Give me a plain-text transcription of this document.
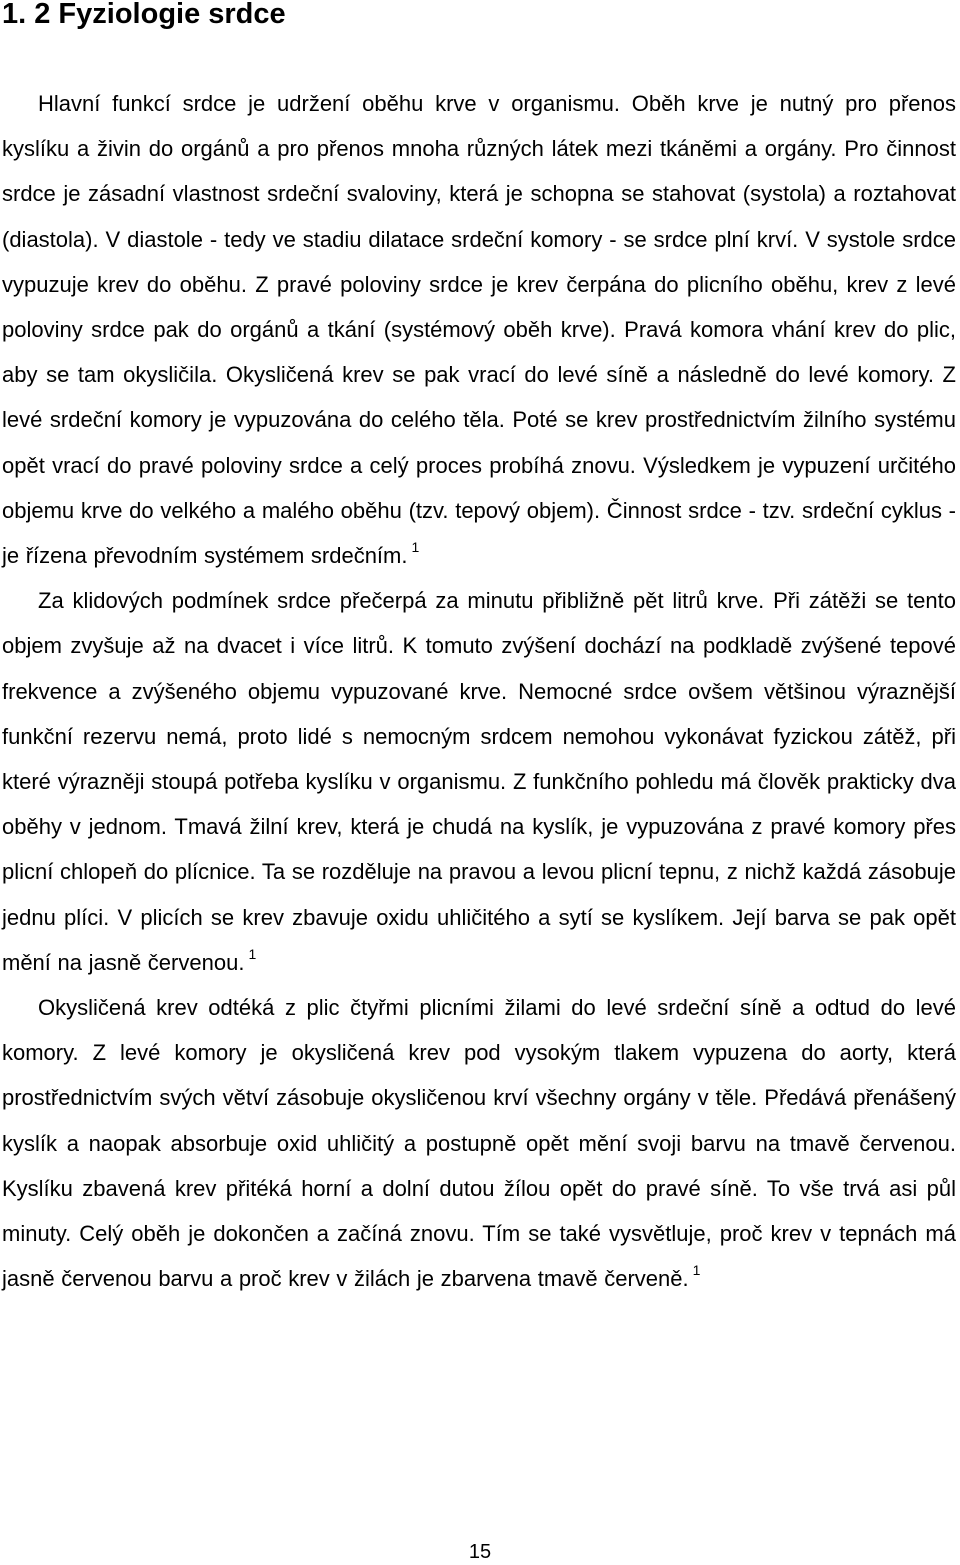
1. 2 Fyziologie srdce

Hlavní funkcí srdce je udržení oběhu krve v organismu. Oběh krve je nutný pro přenos kyslíku a živin do orgánů a pro přenos mnoha různých látek mezi tkáněmi a orgány. Pro činnost srdce je zásadní vlastnost srdeční svaloviny, která je schopna se stahovat (systola) a roztahovat (diastola). V diastole - tedy ve stadiu dilatace srdeční komory - se srdce plní krví. V systole srdce vypuzuje krev do oběhu. Z pravé poloviny srdce je krev čerpána do plicního oběhu, krev z levé poloviny srdce pak do orgánů a tkání (systémový oběh krve). Pravá komora vhání krev do plic, aby se tam okysličila. Okysličená krev se pak vrací do levé síně a následně do levé komory. Z levé srdeční komory je vypuzována do celého těla. Poté se krev prostřednictvím žilního systému opět vrací do pravé poloviny srdce a celý proces probíhá znovu. Výsledkem je vypuzení určitého objemu krve do velkého a malého oběhu (tzv. tepový objem). Činnost srdce - tzv. srdeční cyklus - je řízena převodním systémem srdečním. $^1$

Za klidových podmínek srdce přečerpá za minutu přibližně pět litrů krve. Při zátěži se tento objem zvyšuje až na dvacet i více litrů. K tomuto zvýšení dochází na podkladě zvýšené tepové frekvence a zvýšeného objemu vypuzované krve. Nemocné srdce ovšem většinou výraznější funkční rezervu nemá, proto lidé s nemocným srdcem nemohou vykonávat fyzickou zátěž, při které výrazněji stoupá potřeba kyslíku v organismu. Z funkčního pohledu má člověk prakticky dva oběhy v jednom. Tmavá žilní krev, která je chudá na kyslík, je vypuzována z pravé komory přes plicní chlopeň do plícnice. Ta se rozděluje na pravou a levou plicní tepnu, z nichž každá zásobuje jednu plíci. V plicích se krev zbavuje oxidu uhličitého a sytí se kyslíkem. Její barva se pak opět mění na jasně červenou. $^1$

Okysličená krev odtéká z plic čtyřmi plicními žilami do levé srdeční síně a odtud do levé komory. Z levé komory je okysličená krev pod vysokým tlakem vypuzena do aorty, která prostřednictvím svých větví zásobuje okysličenou krví všechny orgány v těle. Předává přenášený kyslík a naopak absorbuje oxid uhličitý a postupně opět mění svoji barvu na tmavě červenou. Kyslíku zbavená krev přitéká horní a dolní dutou žílou opět do pravé síně. To vše trvá asi půl minuty. Celý oběh je dokončen a začíná znovu. Tím se také vysvětluje, proč krev v tepnách má jasně červenou barvu a proč krev v žilách je zbarvena tmavě červeně. $^1$

15
